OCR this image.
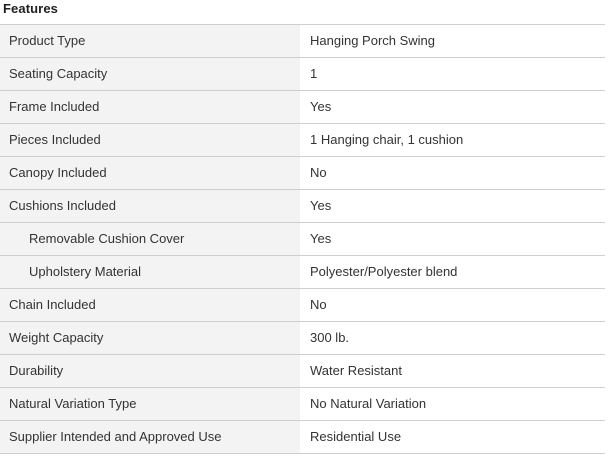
Features
Product Type	Hanging Porch Swing
Seating Capacity	1
Frame Included	Yes
Pieces Included	1 Hanging chair, 1 cushion
Canopy Included	No
Cushions Included	Yes
Removable Cushion Cover	Yes
Upholstery Material	Polyester/Polyester blend
Chain Included	No
Weight Capacity	300 lb.
Durability	Water Resistant
Natural Variation Type	No Natural Variation
Supplier Intended and Approved Use	Residential Use
